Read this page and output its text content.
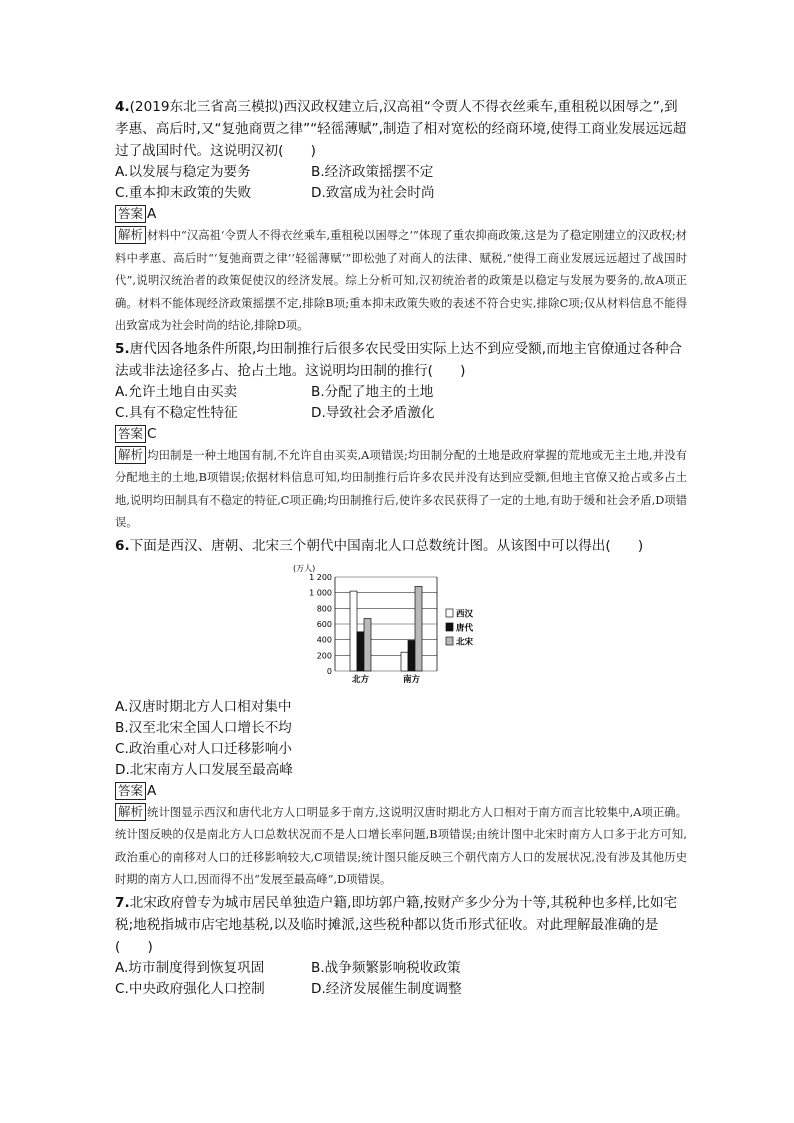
4.(2019东北三省高三模拟)西汉政权建立后,汉高祖“令贾人不得衣丝乘车,重租税以困辱之”,到孝惠、高后时,又“复弛商贾之律”“轻徭薄赋”,制造了相对宽松的经商环境,使得工商业发展远远超过了战国时代。这说明汉初(　　)

A.以发展与稳定为要务	B.经济政策摇摆不定
C.重本抑末政策的失败	D.致富成为社会时尚
答案 A

解析 材料中“汉高祖‘令贾人不得衣丝乘车,重租税以困辱之’”体现了重农抑商政策,这是为了稳定刚建立的汉政权;材料中孝惠、高后时“‘复弛商贾之律’‘轻徭薄赋’”即松弛了对商人的法律、赋税,“使得工商业发展远远超过了战国时代”,说明汉统治者的政策促使汉的经济发展。综上分析可知,汉初统治者的政策是以稳定与发展为要务的,故A项正确。材料不能体现经济政策摇摆不定,排除B项;重本抑末政策失败的表述不符合史实,排除C项;仅从材料信息不能得出致富成为社会时尚的结论,排除D项。

5.唐代因各地条件所限,均田制推行后很多农民受田实际上达不到应受额,而地主官僚通过各种合法或非法途径多占、抢占土地。这说明均田制的推行(　　)

A.允许土地自由买卖	B.分配了地主的土地
C.具有不稳定性特征	D.导致社会矛盾激化
答案 C

解析 均田制是一种土地国有制,不允许自由买卖,A项错误;均田制分配的土地是政府掌握的荒地或无主土地,并没有分配地主的土地,B项错误;依据材料信息可知,均田制推行后许多农民并没有达到应受额,但地主官僚又抢占或多占土地,说明均田制具有不稳定的特征,C项正确;均田制推行后,使许多农民获得了一定的土地,有助于缓和社会矛盾,D项错误。

6.下面是西汉、唐朝、北宋三个朝代中国南北人口总数统计图。从该图中可以得出(　　)

(万人)
0
200
400
600
800
1 000
1 200
北方	南方
西汉
唐代
北宋
A.汉唐时期北方人口相对集中
B.汉至北宋全国人口增长不均
C.政治重心对人口迁移影响小
D.北宋南方人口发展至最高峰
答案 A

解析 统计图显示西汉和唐代北方人口明显多于南方,这说明汉唐时期北方人口相对于南方而言比较集中,A项正确。统计图反映的仅是南北方人口总数状况而不是人口增长率问题,B项错误;由统计图中北宋时南方人口多于北方可知,政治重心的南移对人口的迁移影响较大,C项错误;统计图只能反映三个朝代南方人口的发展状况,没有涉及其他历史时期的南方人口,因而得不出“发展至最高峰”,D项错误。

7.北宋政府曾专为城市居民单独造户籍,即坊郭户籍,按财产多少分为十等,其税种也多样,比如宅税;地税指城市店宅地基税,以及临时摊派,这些税种都以货币形式征收。对此理解最准确的是(　　)

A.坊市制度得到恢复巩固	B.战争频繁影响税收政策
C.中央政府强化人口控制	D.经济发展催生制度调整
